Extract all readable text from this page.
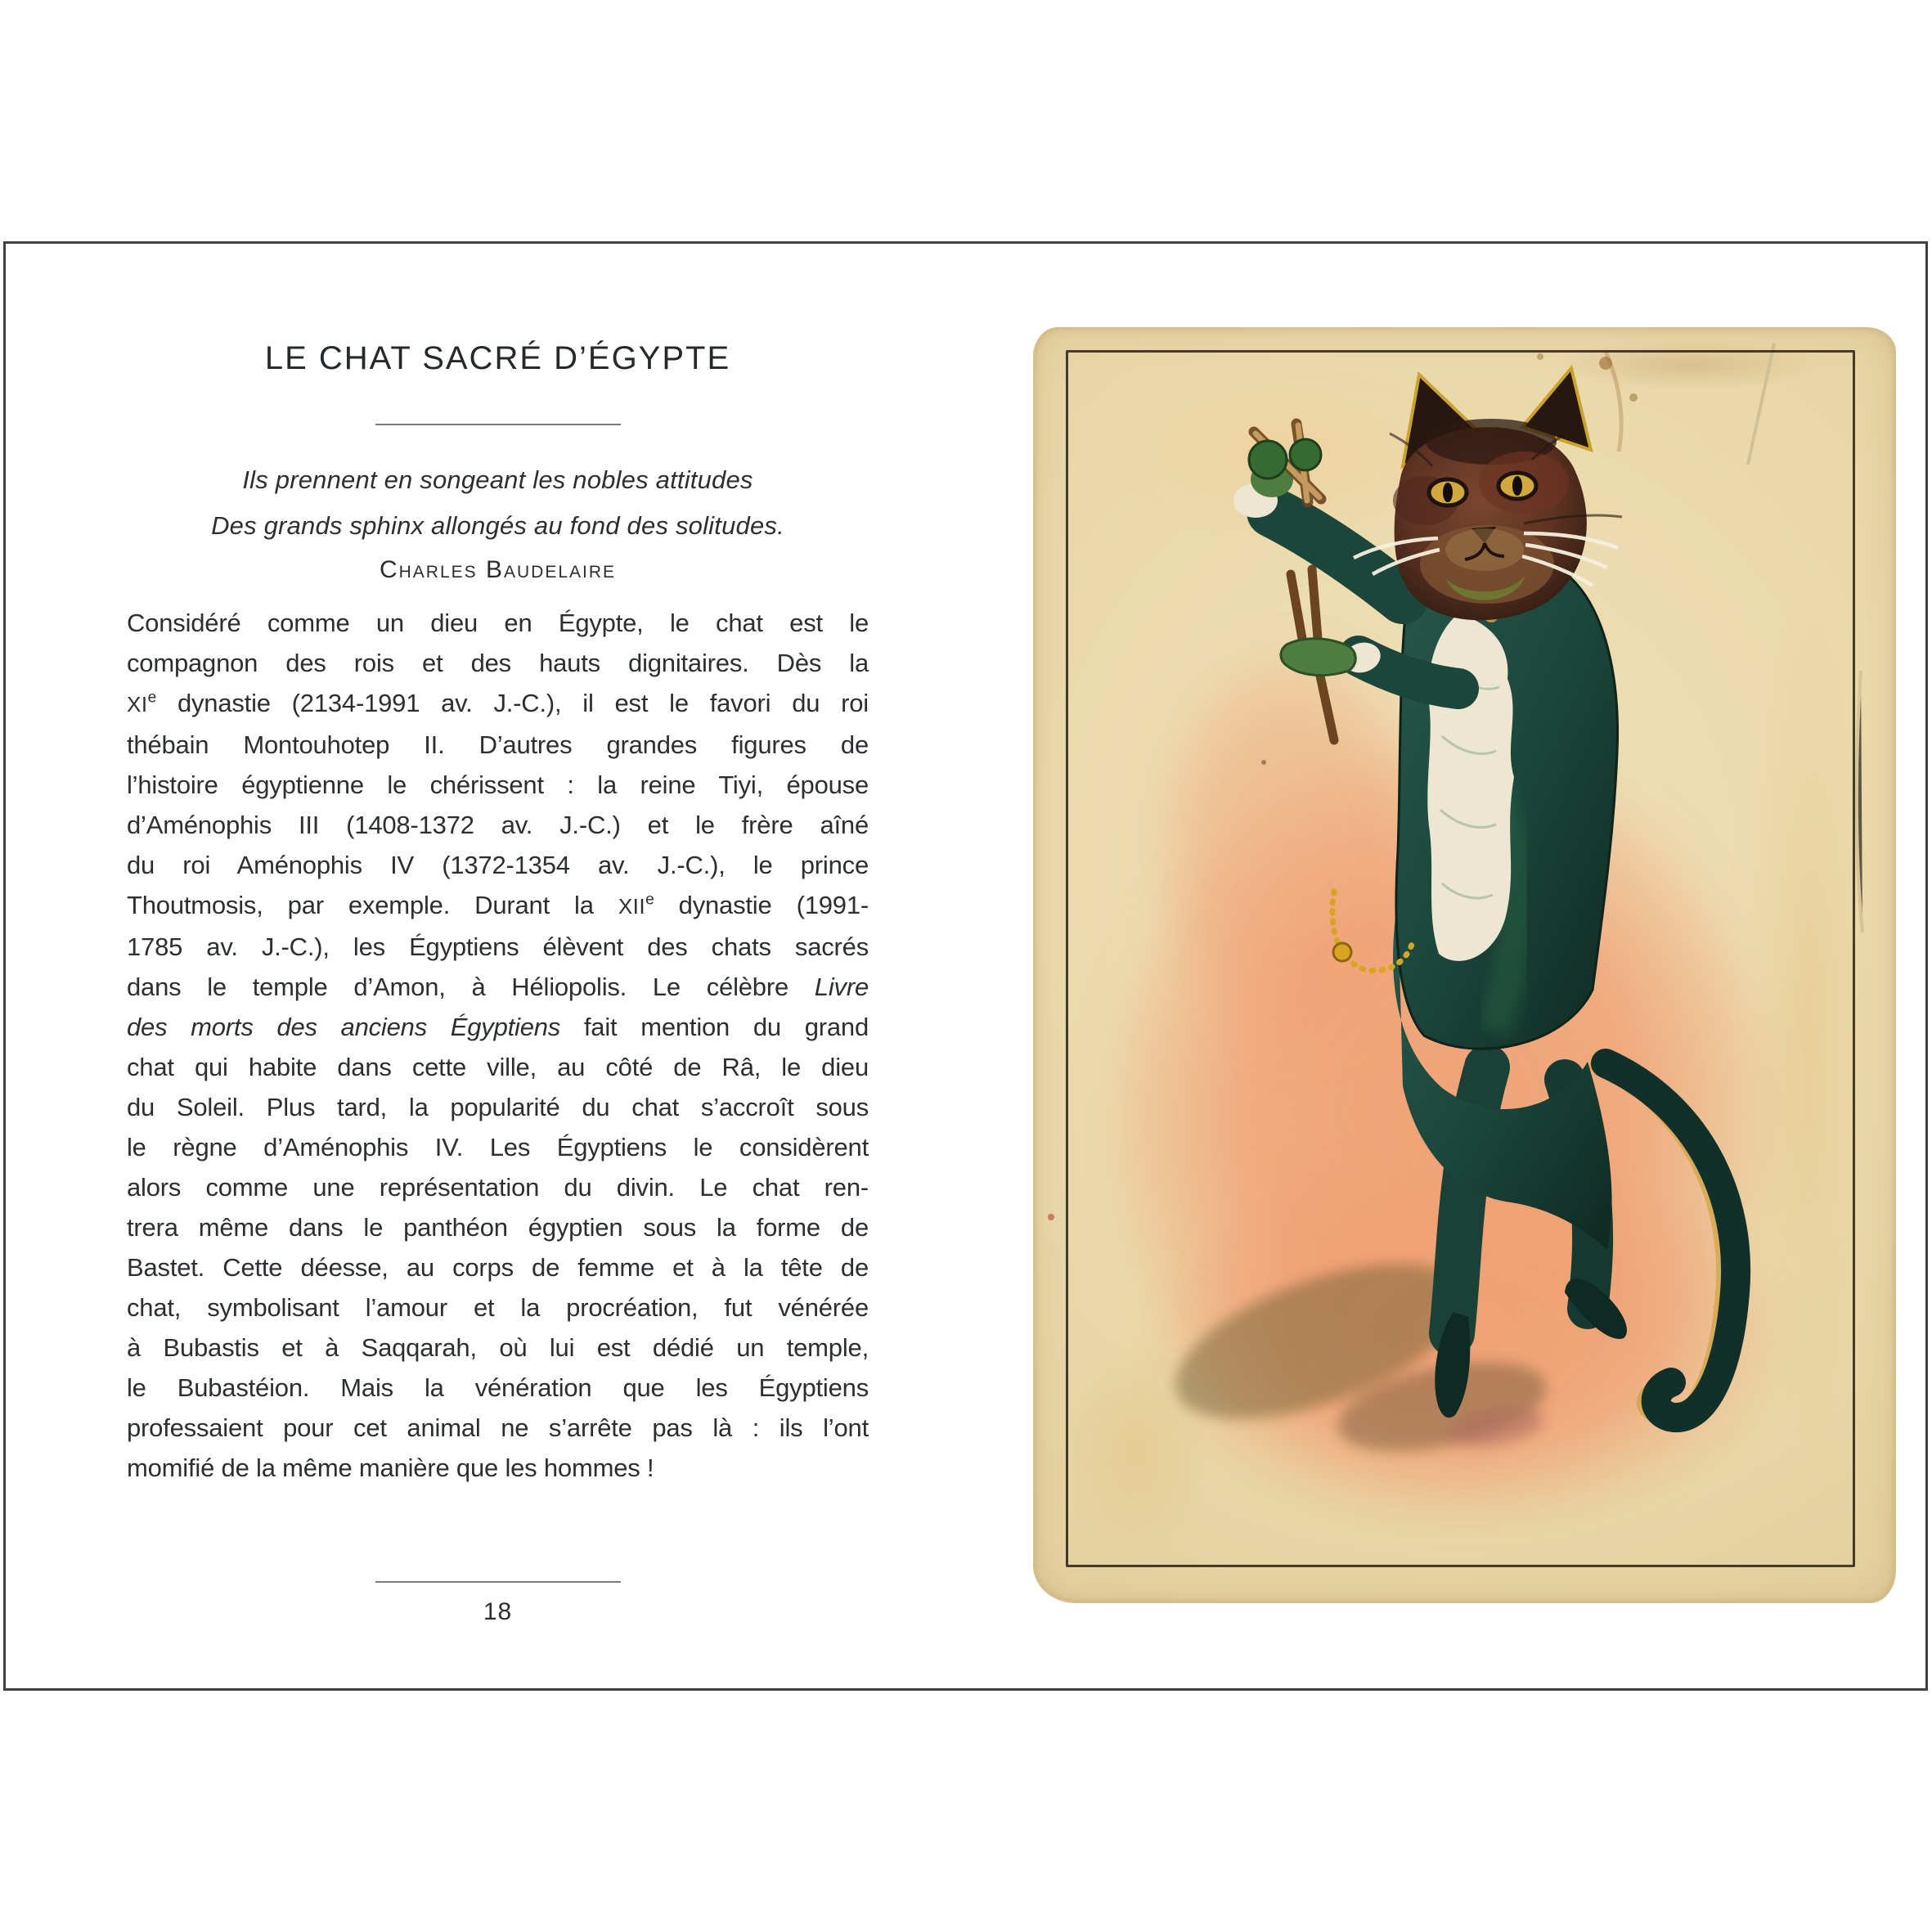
LE CHAT SACRÉ D’ÉGYPTE
Ils prennent en songeant les nobles attitudes
Des grands sphinx allongés au fond des solitudes.
Charles Baudelaire
Considéré comme un dieu en Égypte, le chat est le
compagnon des rois et des hauts dignitaires. Dès la
XIe dynastie (2134-1991 av. J.-C.), il est le favori du roi
thébain Montouhotep II. D’autres grandes figures de
l’histoire égyptienne le chérissent : la reine Tiyi, épouse
d’Aménophis III (1408-1372 av. J.-C.) et le frère aîné
du roi Aménophis IV (1372-1354 av. J.-C.), le prince
Thoutmosis, par exemple. Durant la XIIe dynastie (1991-
1785 av. J.-C.), les Égyptiens élèvent des chats sacrés
dans le temple d’Amon, à Héliopolis. Le célèbre Livre
des morts des anciens Égyptiens fait mention du grand
chat qui habite dans cette ville, au côté de Râ, le dieu
du Soleil. Plus tard, la popularité du chat s’accroît sous
le règne d’Aménophis IV. Les Égyptiens le considèrent
alors comme une représentation du divin. Le chat ren-
trera même dans le panthéon égyptien sous la forme de
Bastet. Cette déesse, au corps de femme et à la tête de
chat, symbolisant l’amour et la procréation, fut vénérée
à Bubastis et à Saqqarah, où lui est dédié un temple,
le Bubastéion. Mais la vénération que les Égyptiens
professaient pour cet animal ne s’arrête pas là : ils l’ont
momifié de la même manière que les hommes !
18
